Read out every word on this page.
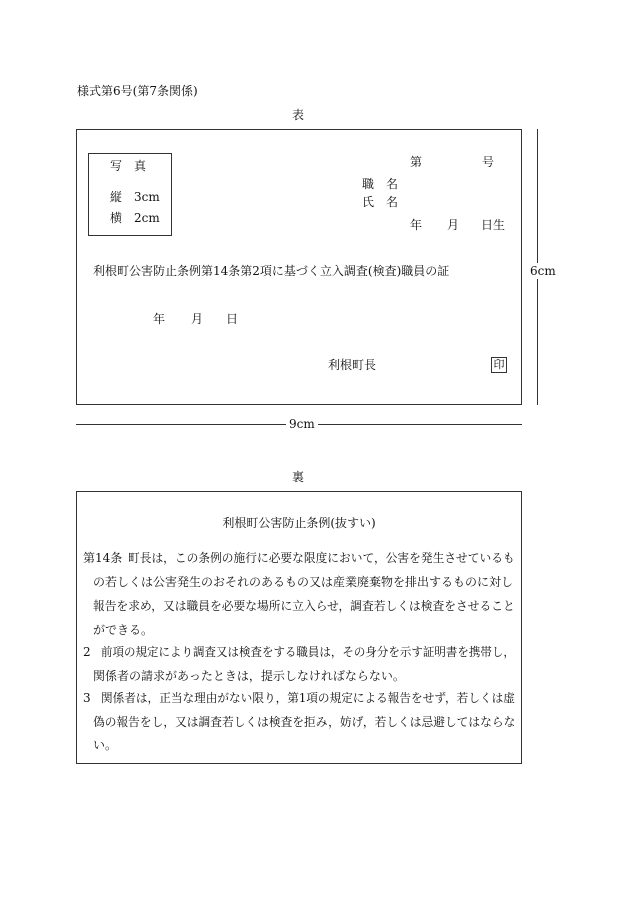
様式第6号(第7条関係)
表
写　真
縦　3cm
横　2cm
第	号
職　名
氏　名
年 月 日生
利根町公害防止条例第14条第2項に基づく立入調査(検査)職員の証
年 月 日
利根町長	印
6cm
9cm
裏
利根町公害防止条例(抜すい)
第14条 町長は，この条例の施行に必要な限度において，公害を発生させているも
の若しくは公害発生のおそれのあるもの又は産業廃棄物を排出するものに対し
報告を求め，又は職員を必要な場所に立入らせ，調査若しくは検査をさせること
ができる。
2 前項の規定により調査又は検査をする職員は，その身分を示す証明書を携帯し，
関係者の請求があったときは，提示しなければならない。
3 関係者は，正当な理由がない限り，第1項の規定による報告をせず，若しくは虚
偽の報告をし，又は調査若しくは検査を拒み，妨げ，若しくは忌避してはならな
い。
